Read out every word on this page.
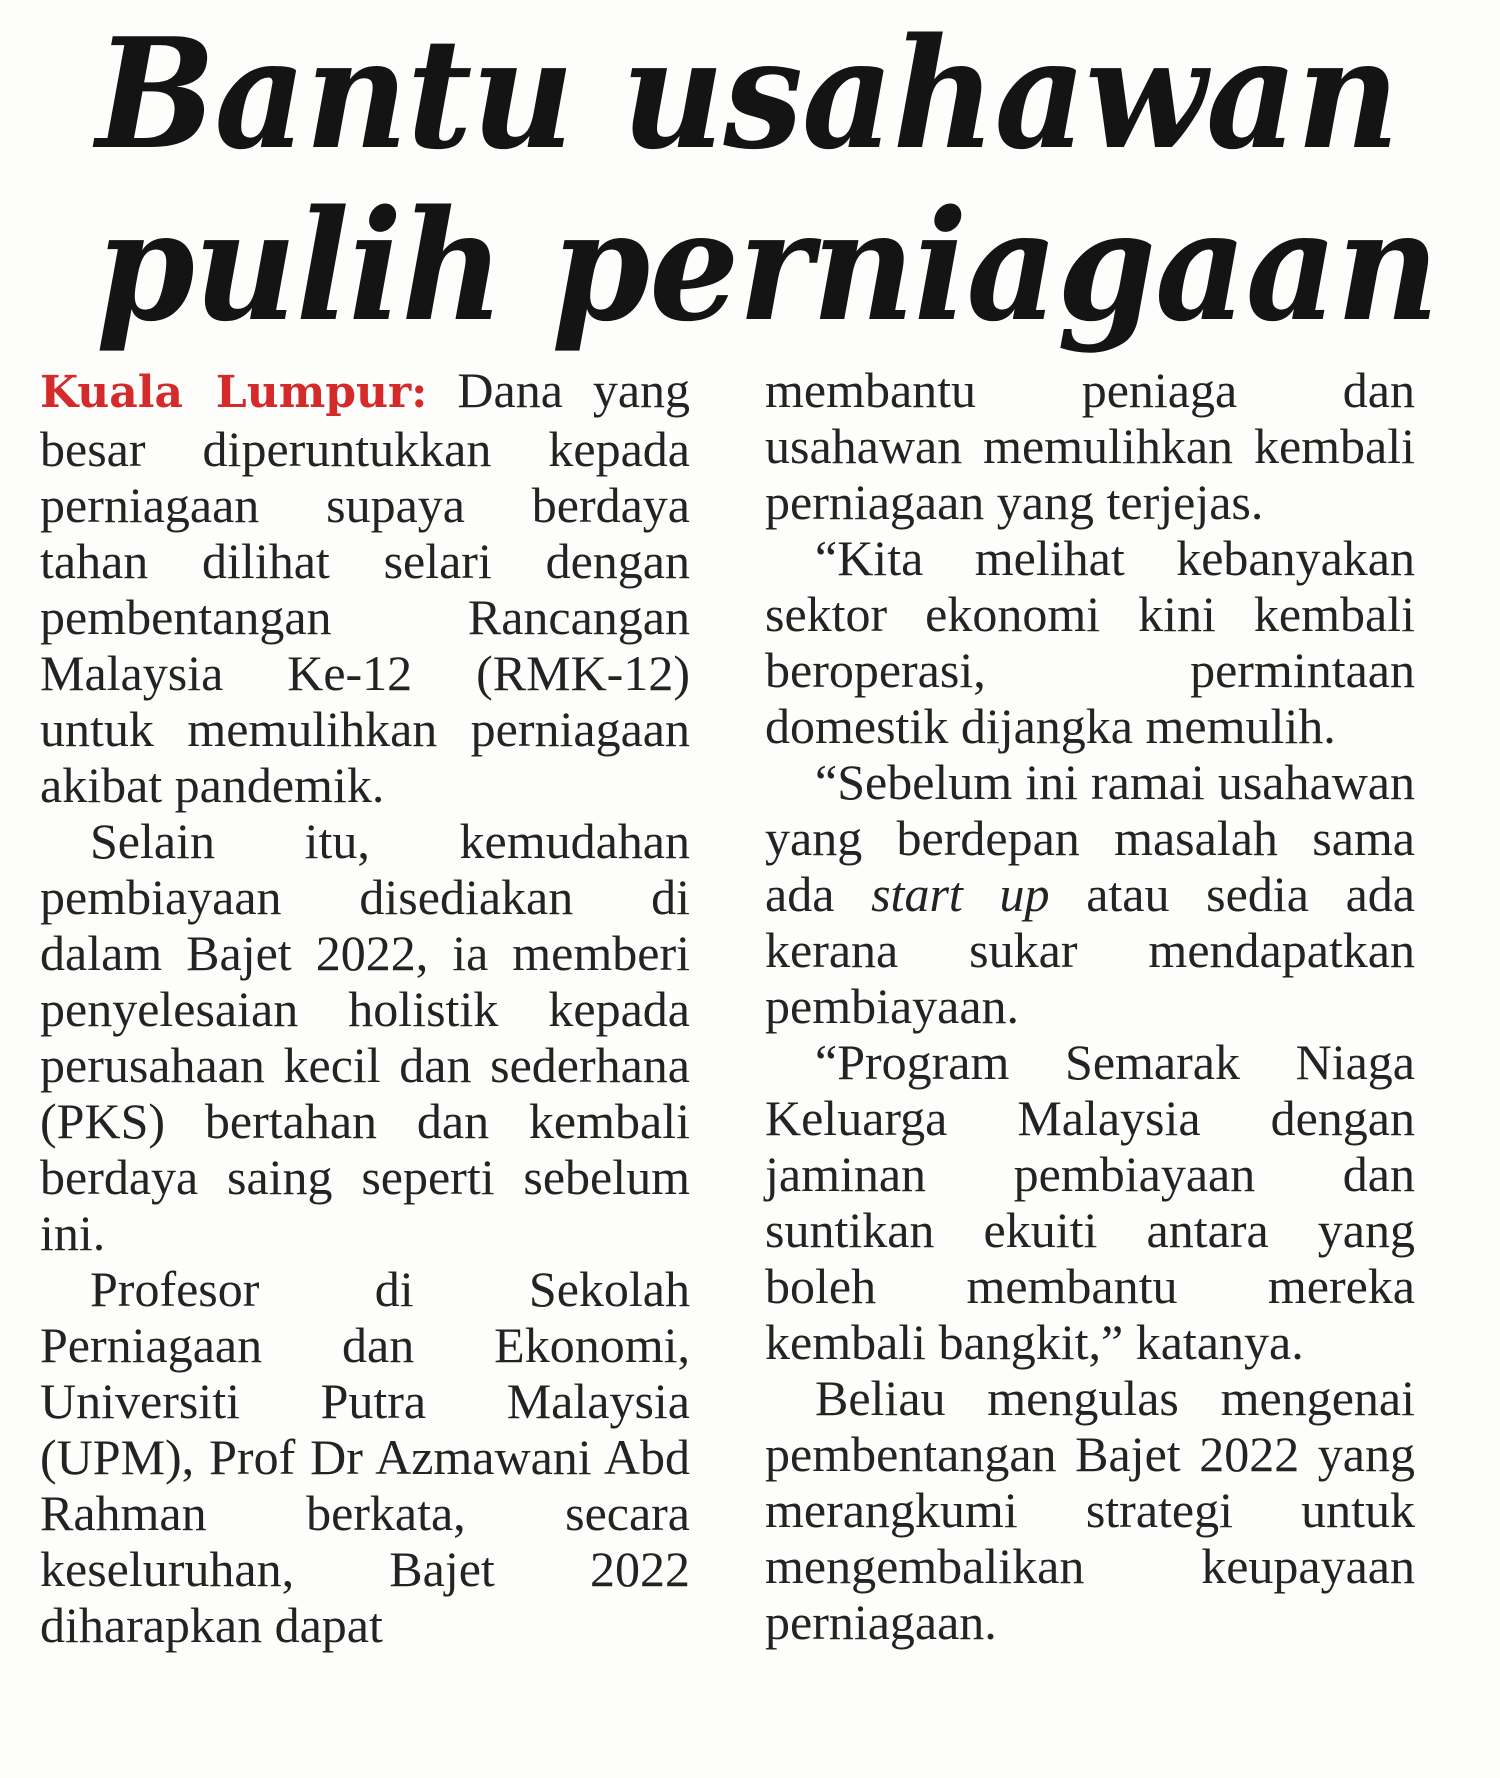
Bantu usahawan
pulih perniagaan

Kuala Lumpur: Dana yang besar diperuntukkan kepada perniagaan supaya berdaya tahan dilihat selari dengan pembentangan Rancangan Malaysia Ke-12 (RMK-12) untuk memulihkan perniagaan akibat pandemik.

Selain itu, kemudahan pembiayaan disediakan di dalam Bajet 2022, ia memberi penyelesaian holistik kepada perusahaan kecil dan sederhana (PKS) bertahan dan kembali berdaya saing seperti sebelum ini.

Profesor di Sekolah Perniagaan dan Ekonomi, Universiti Putra Malaysia (UPM), Prof Dr Azmawani Abd Rahman berkata, secara keseluruhan, Bajet 2022 diharapkan dapat

membantu peniaga dan usahawan memulihkan kembali perniagaan yang terjejas.

“Kita melihat kebanyakan sektor ekonomi kini kembali beroperasi, permintaan domestik dijangka memulih.

“Sebelum ini ramai usahawan yang berdepan masalah sama ada start up atau sedia ada kerana sukar mendapatkan pembiayaan.

“Program Semarak Niaga Keluarga Malaysia dengan jaminan pembiayaan dan suntikan ekuiti antara yang boleh membantu mereka kembali bangkit,” katanya.

Beliau mengulas mengenai pembentangan Bajet 2022 yang merangkumi strategi untuk mengembalikan keupayaan perniagaan.
